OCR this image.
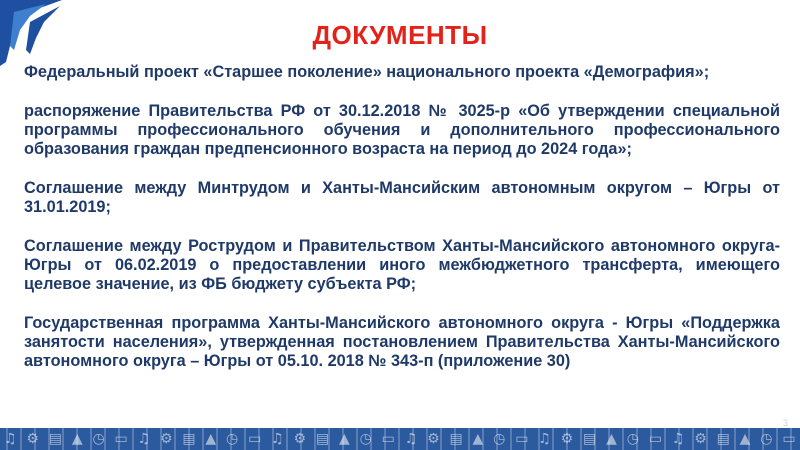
ДОКУМЕНТЫ

Федеральный проект «Старшее поколение» национального проекта «Демография»;

распоряжение Правительства РФ от 30.12.2018 № 3025-р «Об утверждении специальной программы профессионального обучения и дополнительного профессионального образования граждан предпенсионного возраста на период до 2024 года»;

Соглашение между Минтрудом и Ханты-Мансийским автономным округом – Югры от 31.01.2019;

Соглашение между Рострудом и Правительством Ханты-Мансийского автономного округа-Югры от 06.02.2019 о предоставлении иного межбюджетного трансферта, имеющего целевое значение, из ФБ бюджету субъекта РФ;

Государственная программа Ханты-Мансийского автономного округа - Югры «Поддержка занятости населения», утвержденная постановлением Правительства Ханты-Мансийского автономного округа – Югры от 05.10. 2018 № 343-п (приложение 30)

3
♫ ⚙ ▤ ▲ ◷ ▭ ♫ ⚙ ▤ ▲ ◷ ▭ ♫ ⚙ ▤ ▲ ◷ ▭ ♫ ⚙ ▤ ▲ ◷ ▭ ♫ ⚙ ▤ ▲ ◷ ▭ ♫ ⚙ ▤ ▲ ◷ ▭
